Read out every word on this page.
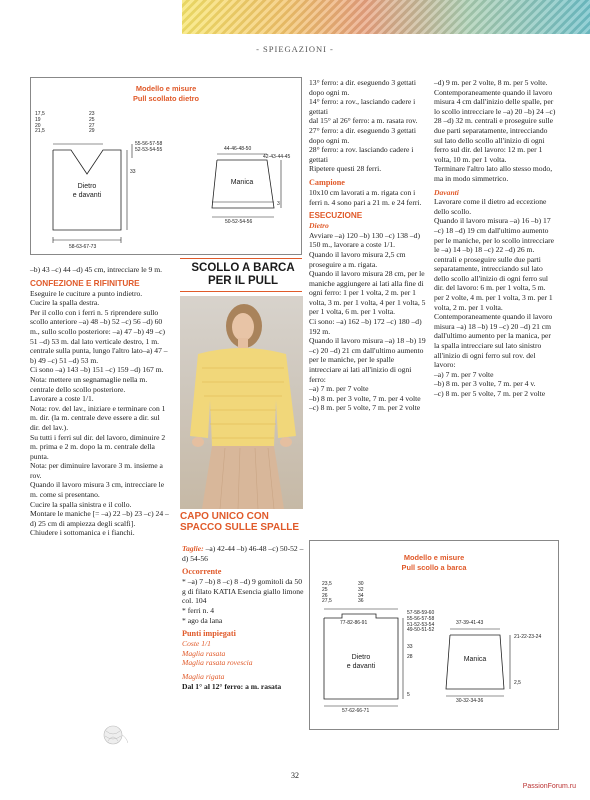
- SPIEGAZIONI -
Modello e misure
Pull scollato dietro
17,5
19
20
21,5
23
25
27
29
55-56-57-58
52-53-54-55
33
58-63-67-73
Dietro
e davanti
44-46-48-50
42-43-44-45
3
50-52-54-56
Manica

–b) 43 –c) 44 –d) 45 cm, intrecciare le 9 m.

CONFEZIONE E RIFINITURE

Eseguire le cuciture a punto indietro.

Cucire la spalla destra.

Per il collo con i ferri n. 5 riprendere sullo scollo anteriore –a) 48 –b) 52 –c) 56 –d) 60 m., sullo scollo posteriore: –a) 47 –b) 49 –c) 51 –d) 53 m. dal lato verticale destro, 1 m. centrale sulla punta, lungo l'altro lato–a) 47 –b) 49 –c) 51 –d) 53 m.

Ci sono –a) 143 –b) 151 –c) 159 –d) 167 m.

Nota: mettere un segnamaglie nella m. centrale dello scollo posteriore.

Lavorare a coste 1/1.

Nota: rov. del lav., iniziare e terminare con 1 m. dir. (la m. centrale deve essere a dir. sul dir. del lav.).

Su tutti i ferri sul dir. del lavoro, diminuire 2 m. prima e 2 m. dopo la m. centrale della punta.

Nota: per diminuire lavorare 3 m. insieme a rov.

Quando il lavoro misura 3 cm, intrecciare le m. come si presentano.

Cucire la spalla sinistra e il collo.

Montare le maniche [= –a) 22 –b) 23 –c) 24 –d) 25 cm di ampiezza degli scalfi].

Chiudere i sottomanica e i fianchi.

SCOLLO A BARCA PER IL PULL
CAPO UNICO CON SPACCO SULLE SPALLE

Taglie: –a) 42-44 –b) 46-48 –c) 50-52 –d) 54-56

Occorrente

* –a) 7 –b) 8 –c) 8 –d) 9 gomitoli da 50 g di filato KATIA Esencia giallo limone col. 104

* ferri n. 4

* ago da lana

Punti impiegati

Coste 1/1

Maglia rasata

Maglia rasata rovescia

Maglia rigata

Dal 1° al 12° ferro: a m. rasata

13° ferro: a dir. eseguendo 3 gettati dopo ogni m.

14° ferro: a rov., lasciando cadere i gettati

dal 15° al 26° ferro: a m. rasata rov.

27° ferro: a dir. eseguendo 3 gettati dopo ogni m.

28° ferro: a rov. lasciando cadere i gettati

Ripetere questi 28 ferri.

Campione

10x10 cm lavorati a m. rigata con i ferri n. 4 sono pari a 21 m. e 24 ferri.

ESECUZIONE

Dietro

Avviare –a) 120 –b) 130 –c) 138 –d) 150 m., lavorare a coste 1/1.

Quando il lavoro misura 2,5 cm proseguire a m. rigata.

Quando il lavoro misura 28 cm, per le maniche aggiungere ai lati alla fine di ogni ferro: 1 per 1 volta, 2 m. per 1 volta, 3 m. per 1 volta, 4 per 1 volta, 5 per 1 volta, 6 m. per 1 volta.

Ci sono: –a) 162 –b) 172 –c) 180 –d) 192 m.

Quando il lavoro misura –a) 18 –b) 19 –c) 20 –d) 21 cm dall'ultimo aumento per le maniche, per le spalle intrecciare ai lati all'inizio di ogni ferro:

–a) 7 m. per 7 volte

–b) 8 m. per 3 volte, 7 m. per 4 volte

–c) 8 m. per 5 volte, 7 m. per 2 volte

–d) 9 m. per 2 volte, 8 m. per 5 volte.

Contemporaneamente quando il lavoro misura 4 cm dall'inizio delle spalle, per lo scollo intrecciare le –a) 20 –b) 24 –c) 28 –d) 32 m. centrali e proseguire sulle due parti separatamente, intrecciando sul lato dello scollo all'inizio di ogni ferro sul dir. del lavoro: 12 m. per 1 volta, 10 m. per 1 volta.

Terminare l'altro lato allo stesso modo, ma in modo simmetrico.

Davanti

Lavorare come il dietro ad eccezione dello scollo.

Quando il lavoro misura –a) 16 –b) 17 –c) 18 –d) 19 cm dall'ultimo aumento per le maniche, per lo scollo intrecciare le –a) 14 –b) 18 –c) 22 –d) 26 m. centrali e proseguire sulle due parti separatamente, intrecciando sul lato dello scollo all'inizio di ogni ferro sul dir. del lavoro: 6 m. per 1 volta, 5 m. per 2 volte, 4 m. per 1 volta, 3 m. per 1 volta, 2 m. per 1 volta.

Contemporaneamente quando il lavoro misura –a) 18 –b) 19 –c) 20 –d) 21 cm dall'ultimo aumento per la manica, per la spalla intrecciare sul lato sinistro all'inizio di ogni ferro sul rov. del lavoro:

–a) 7 m. per 7 volte

–b) 8 m. per 3 volte, 7 m. per 4 v.

–c) 8 m. per 5 volte, 7 m. per 2 volte

Modello e misure
Pull scollo a barca
23,5
25
26
27,5
30
32
34
36
77-82-86-91
57-58-59-60
55-56-57-58
51-52-53-54
49-50-51-52
33
28
5
57-62-66-71
Dietro
e davanti
37-39-41-43
21-22-23-24
2,5
30-32-34-36
Manica
32
PassionForum.ru
